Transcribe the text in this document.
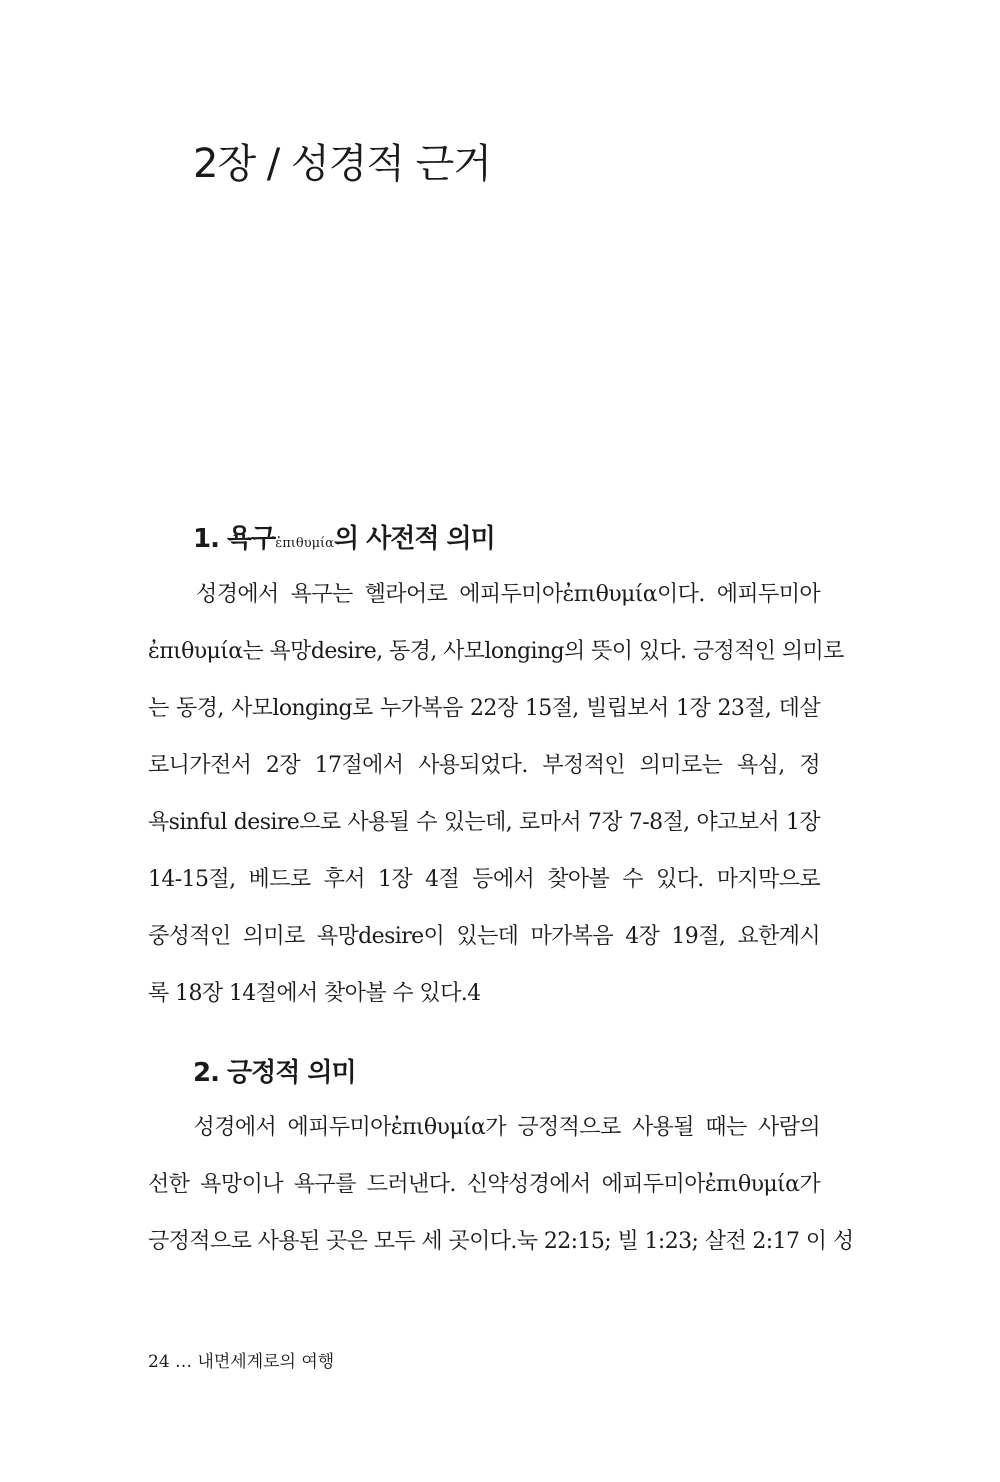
2장 / 성경적 근거
1. 욕구ἐπιθυμία의 사전적 의미
성경에서 욕구는 헬라어로 에피두미아ἐπιθυμία이다. 에피두미아
ἐπιθυμία는 욕망desire, 동경, 사모longing의 뜻이 있다. 긍정적인 의미로
는 동경, 사모longing로 누가복음 22장 15절, 빌립보서 1장 23절, 데살
로니가전서 2장 17절에서 사용되었다. 부정적인 의미로는 욕심, 정
욕sinful desire으로 사용될 수 있는데, 로마서 7장 7-8절, 야고보서 1장
14-15절, 베드로 후서 1장 4절 등에서 찾아볼 수 있다. 마지막으로
중성적인 의미로 욕망desire이 있는데 마가복음 4장 19절, 요한계시
록 18장 14절에서 찾아볼 수 있다.4
2. 긍정적 의미
성경에서 에피두미아ἐπιθυμία가 긍정적으로 사용될 때는 사람의
선한 욕망이나 욕구를 드러낸다. 신약성경에서 에피두미아ἐπιθυμία가
긍정적으로 사용된 곳은 모두 세 곳이다.눅 22:15; 빌 1:23; 살전 2:17 이 성
24 … 내면세계로의 여행
